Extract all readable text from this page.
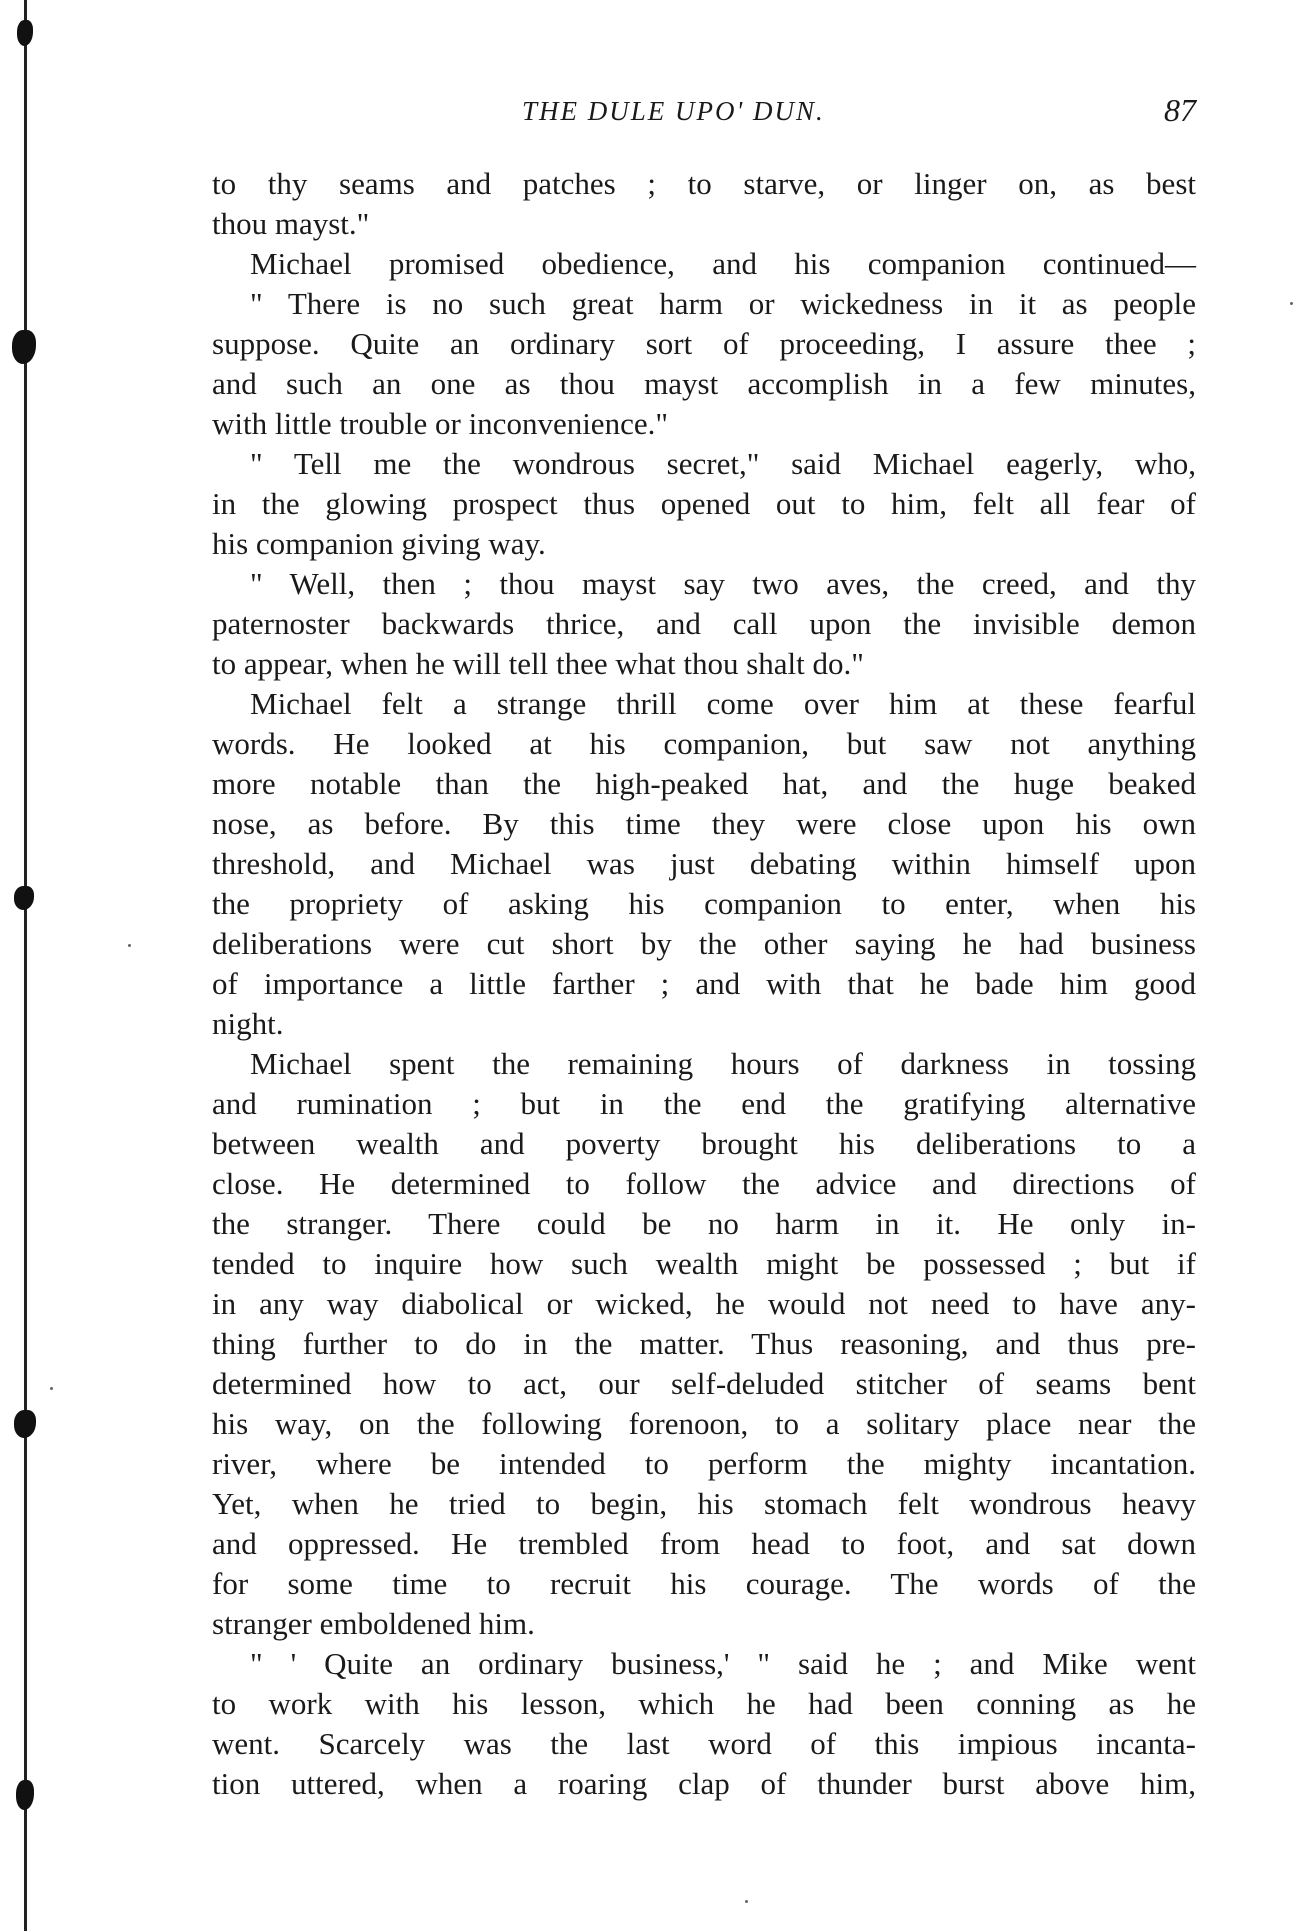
THE DULE UPO' DUN.	87
to thy seams and patches ; to starve, or linger on, as best
thou mayst."
Michael promised obedience, and his companion continued—
" There is no such great harm or wickedness in it as people
suppose. Quite an ordinary sort of proceeding, I assure thee ;
and such an one as thou mayst accomplish in a few minutes,
with little trouble or inconvenience."
" Tell me the wondrous secret," said Michael eagerly, who,
in the glowing prospect thus opened out to him, felt all fear of
his companion giving way.
" Well, then ; thou mayst say two aves, the creed, and thy
paternoster backwards thrice, and call upon the invisible demon
to appear, when he will tell thee what thou shalt do."
Michael felt a strange thrill come over him at these fearful
words. He looked at his companion, but saw not anything
more notable than the high-peaked hat, and the huge beaked
nose, as before. By this time they were close upon his own
threshold, and Michael was just debating within himself upon
the propriety of asking his companion to enter, when his
deliberations were cut short by the other saying he had business
of importance a little farther ; and with that he bade him good
night.
Michael spent the remaining hours of darkness in tossing
and rumination ; but in the end the gratifying alternative
between wealth and poverty brought his deliberations to a
close. He determined to follow the advice and directions of
the stranger. There could be no harm in it. He only in-
tended to inquire how such wealth might be possessed ; but if
in any way diabolical or wicked, he would not need to have any-
thing further to do in the matter. Thus reasoning, and thus pre-
determined how to act, our self-deluded stitcher of seams bent
his way, on the following forenoon, to a solitary place near the
river, where be intended to perform the mighty incantation.
Yet, when he tried to begin, his stomach felt wondrous heavy
and oppressed. He trembled from head to foot, and sat down
for some time to recruit his courage. The words of the
stranger emboldened him.
" ' Quite an ordinary business,' " said he ; and Mike went
to work with his lesson, which he had been conning as he
went. Scarcely was the last word of this impious incanta-
tion uttered, when a roaring clap of thunder burst above him,
